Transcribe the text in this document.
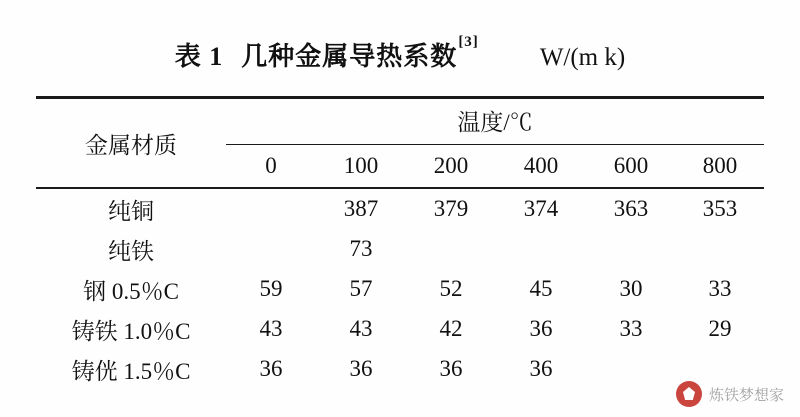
表 1 几种金属导热系数[3]
W/(m k)
金属材质	温度/℃					
	0	100	200	400	600	800

纯铜		387	379	374	363	353
纯铁		73				
钢 0.5％C	59	57	52	45	30	33
铸铁 1.0％C	43	43	42	36	33	29
铸侊 1.5％C	36	36	36	36		

炼铁梦想家
